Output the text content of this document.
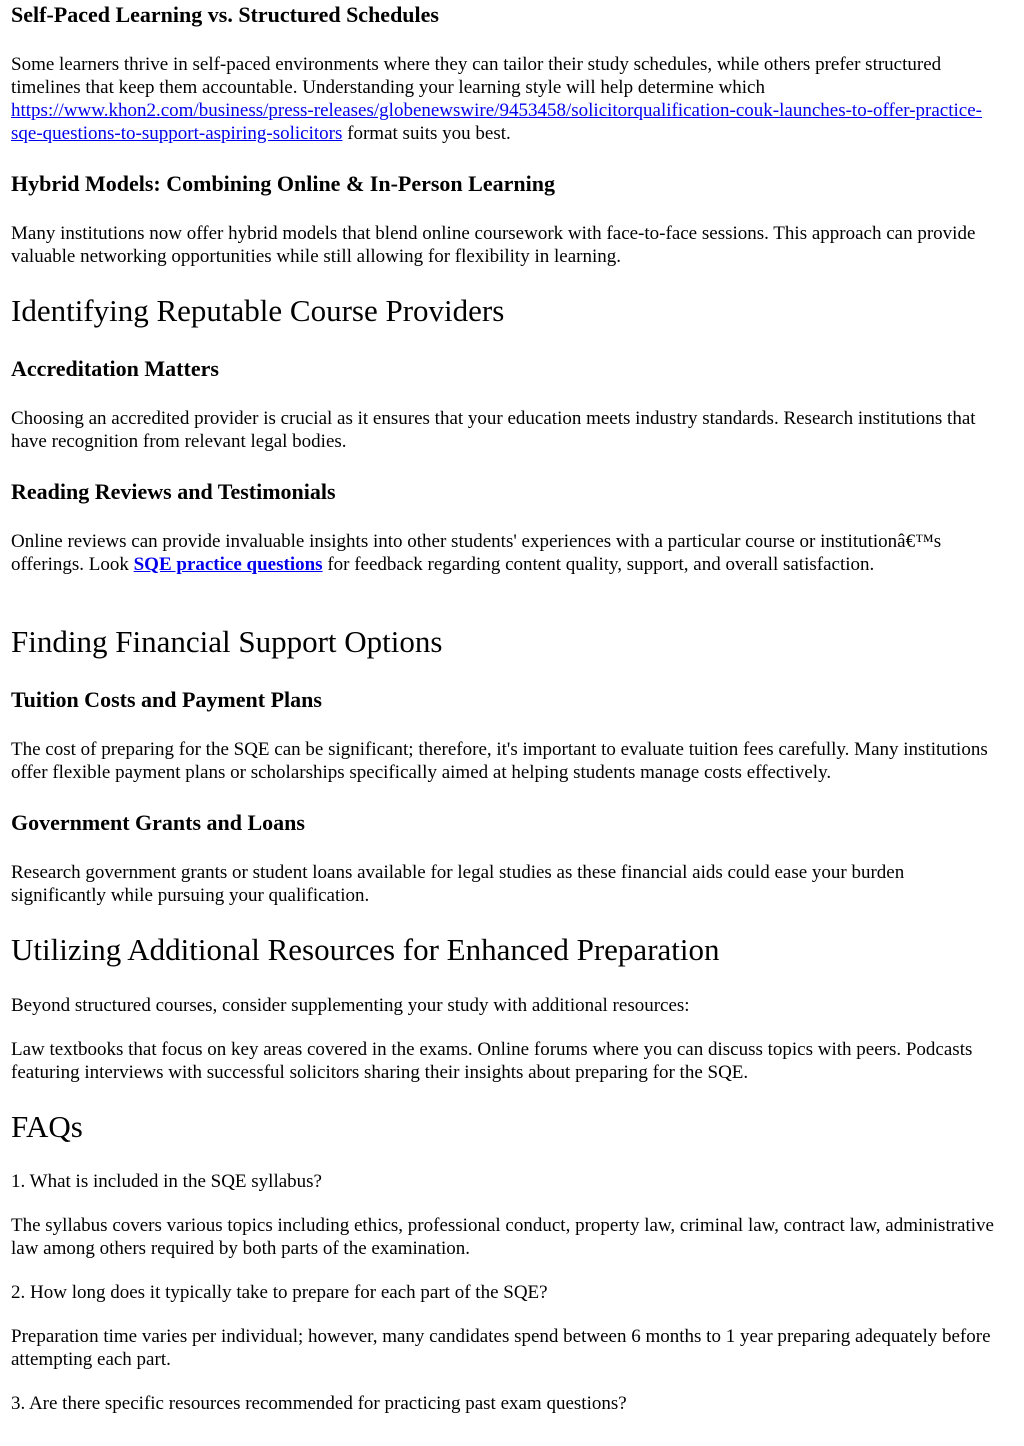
Self-Paced Learning vs. Structured Schedules

Some learners thrive in self-paced environments where they can tailor their study schedules, while others prefer structured timelines that keep them accountable. Understanding your learning style will help determine which https://www.khon2.com/business/press-releases/globenewswire/9453458/solicitorqualification-couk-launches-to-offer-practice-sqe-questions-to-support-aspiring-solicitors format suits you best.

Hybrid Models: Combining Online & In-Person Learning

Many institutions now offer hybrid models that blend online coursework with face-to-face sessions. This approach can provide valuable networking opportunities while still allowing for flexibility in learning.

Identifying Reputable Course Providers
Accreditation Matters

Choosing an accredited provider is crucial as it ensures that your education meets industry standards. Research institutions that have recognition from relevant legal bodies.

Reading Reviews and Testimonials

Online reviews can provide invaluable insights into other students' experiences with a particular course or institutionâ€™s offerings. Look SQE practice questions for feedback regarding content quality, support, and overall satisfaction.

Finding Financial Support Options
Tuition Costs and Payment Plans

The cost of preparing for the SQE can be significant; therefore, it's important to evaluate tuition fees carefully. Many institutions offer flexible payment plans or scholarships specifically aimed at helping students manage costs effectively.

Government Grants and Loans

Research government grants or student loans available for legal studies as these financial aids could ease your burden significantly while pursuing your qualification.

Utilizing Additional Resources for Enhanced Preparation

Beyond structured courses, consider supplementing your study with additional resources:

Law textbooks that focus on key areas covered in the exams. Online forums where you can discuss topics with peers. Podcasts featuring interviews with successful solicitors sharing their insights about preparing for the SQE.

FAQs

1. What is included in the SQE syllabus?

The syllabus covers various topics including ethics, professional conduct, property law, criminal law, contract law, administrative law among others required by both parts of the examination.

2. How long does it typically take to prepare for each part of the SQE?

Preparation time varies per individual; however, many candidates spend between 6 months to 1 year preparing adequately before attempting each part.

3. Are there specific resources recommended for practicing past exam questions?
